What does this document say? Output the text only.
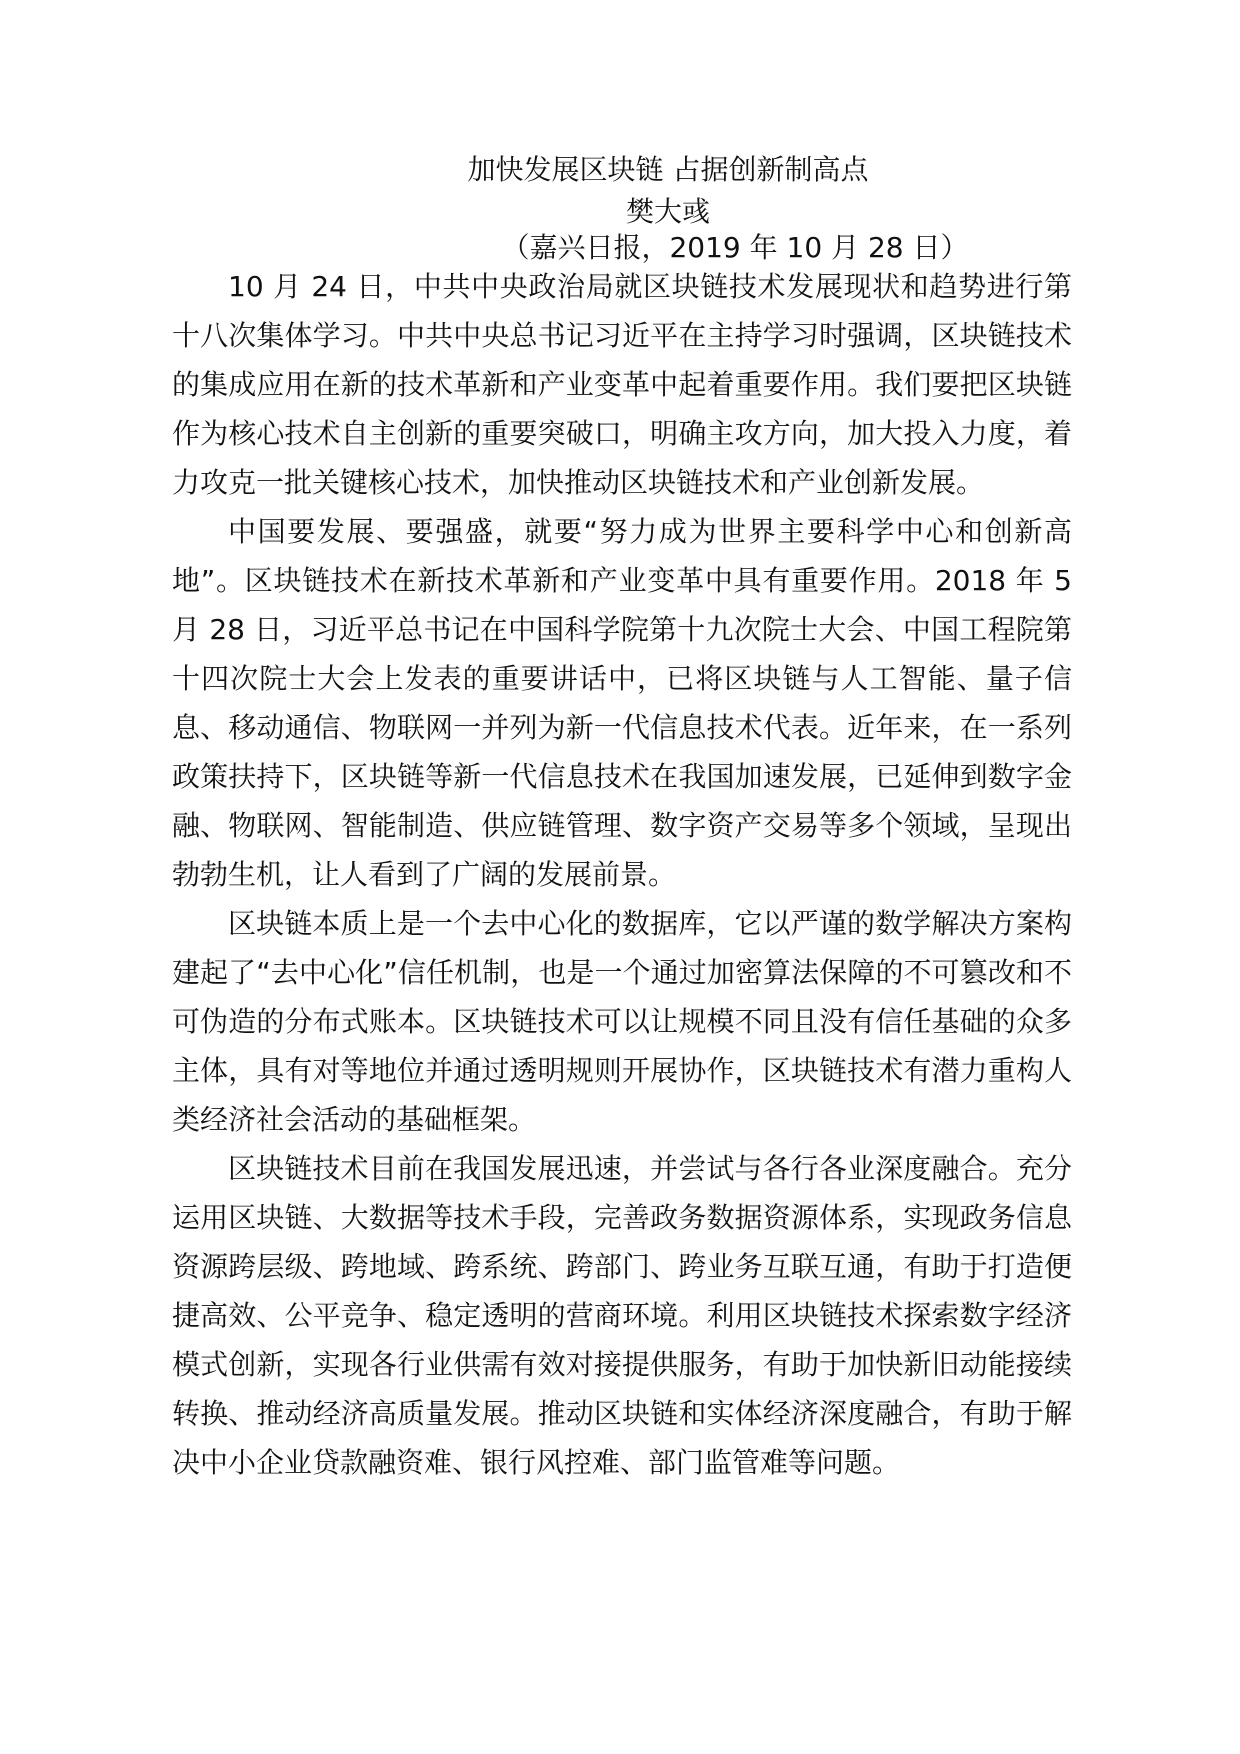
加快发展区块链 占据创新制高点
樊大彧
（嘉兴日报，2019 年 10 月 28 日）

10 月 24 日，中共中央政治局就区块链技术发展现状和趋势进行第十八次集体学习。中共中央总书记习近平在主持学习时强调，区块链技术的集成应用在新的技术革新和产业变革中起着重要作用。我们要把区块链作为核心技术自主创新的重要突破口，明确主攻方向，加大投入力度，着力攻克一批关键核心技术，加快推动区块链技术和产业创新发展。

中国要发展、要强盛，就要“努力成为世界主要科学中心和创新高地”。区块链技术在新技术革新和产业变革中具有重要作用。2018 年 5 月 28 日，习近平总书记在中国科学院第十九次院士大会、中国工程院第十四次院士大会上发表的重要讲话中，已将区块链与人工智能、量子信息、移动通信、物联网一并列为新一代信息技术代表。近年来，在一系列政策扶持下，区块链等新一代信息技术在我国加速发展，已延伸到数字金融、物联网、智能制造、供应链管理、数字资产交易等多个领域，呈现出勃勃生机，让人看到了广阔的发展前景。

区块链本质上是一个去中心化的数据库，它以严谨的数学解决方案构建起了“去中心化”信任机制，也是一个通过加密算法保障的不可篡改和不可伪造的分布式账本。区块链技术可以让规模不同且没有信任基础的众多主体，具有对等地位并通过透明规则开展协作，区块链技术有潜力重构人类经济社会活动的基础框架。

区块链技术目前在我国发展迅速，并尝试与各行各业深度融合。充分运用区块链、大数据等技术手段，完善政务数据资源体系，实现政务信息资源跨层级、跨地域、跨系统、跨部门、跨业务互联互通，有助于打造便捷高效、公平竞争、稳定透明的营商环境。利用区块链技术探索数字经济模式创新，实现各行业供需有效对接提供服务，有助于加快新旧动能接续转换、推动经济高质量发展。推动区块链和实体经济深度融合，有助于解决中小企业贷款融资难、银行风控难、部门监管难等问题。
